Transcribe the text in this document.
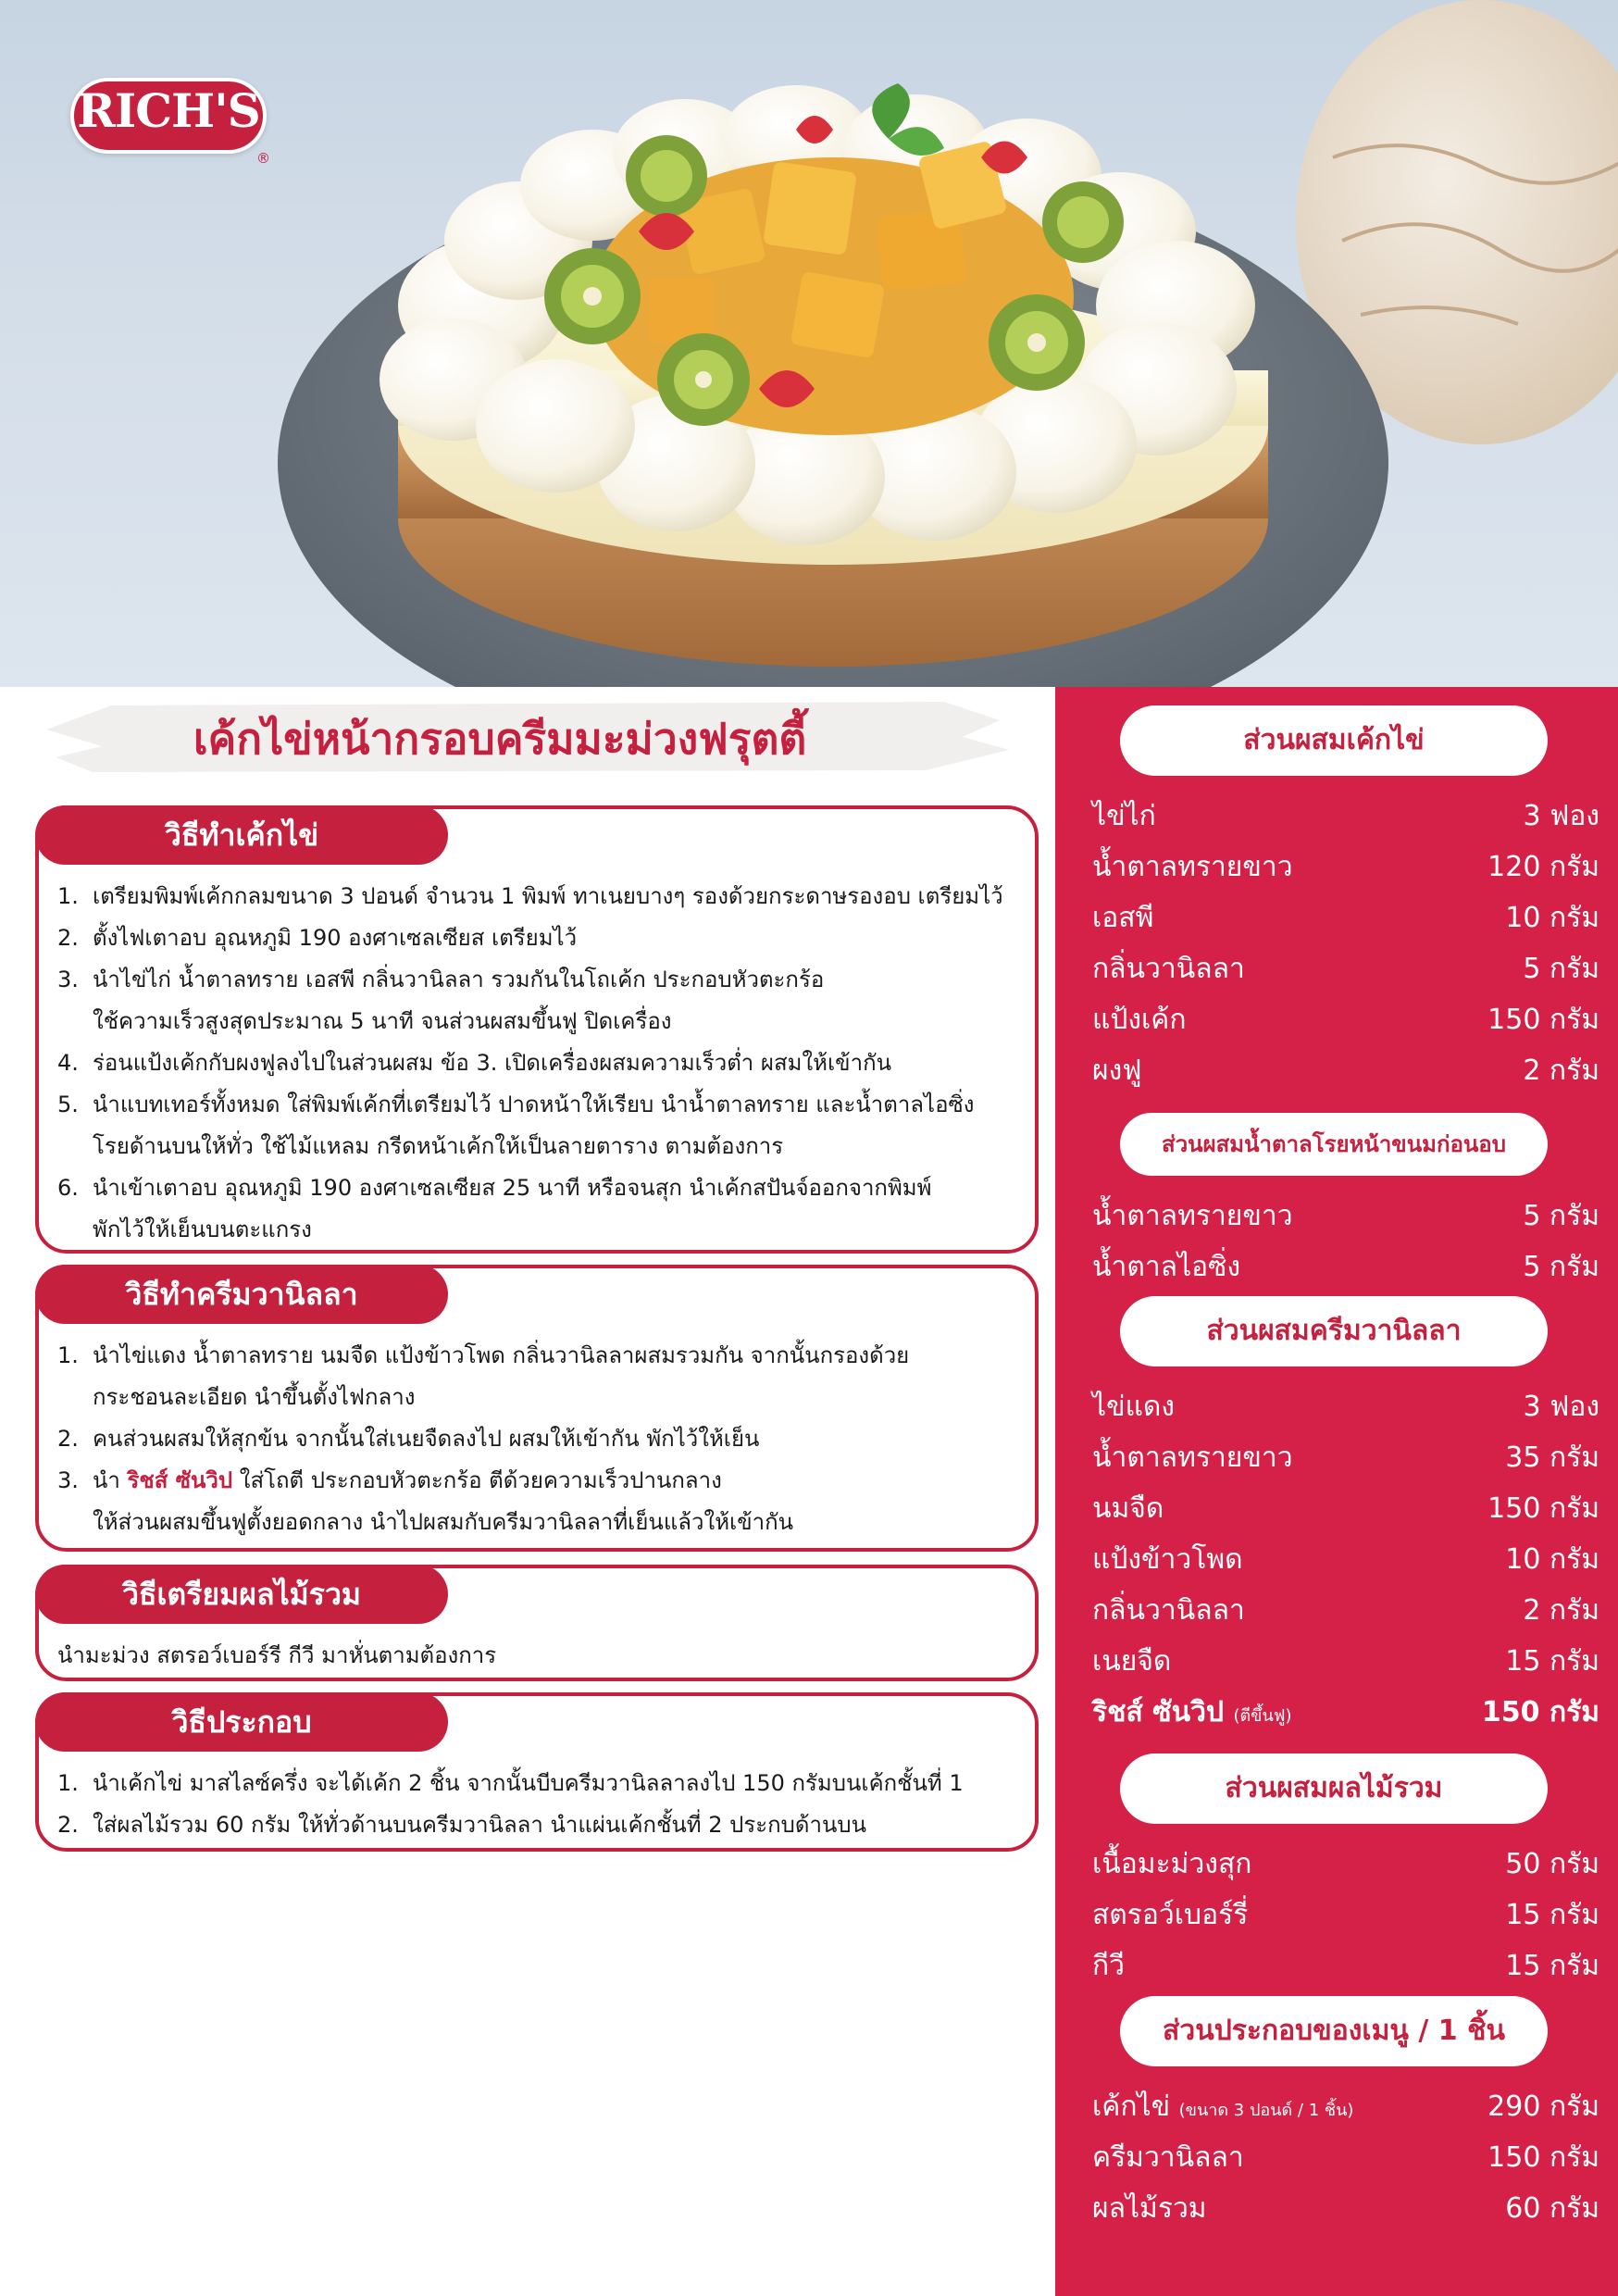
RICH'S
®
เค้กไข่หน้ากรอบครีมมะม่วงฟรุตตี้
วิธีทำเค้กไข่
1. เตรียมพิมพ์เค้กกลมขนาด 3 ปอนด์ จำนวน 1 พิมพ์ ทาเนยบางๆ รองด้วยกระดาษรองอบ เตรียมไว้
2. ตั้งไฟเตาอบ อุณหภูมิ 190 องศาเซลเซียส เตรียมไว้
3. นำไข่ไก่ น้ำตาลทราย เอสพี กลิ่นวานิลลา รวมกันในโถเค้ก ประกอบหัวตะกร้อ
ใช้ความเร็วสูงสุดประมาณ 5 นาที จนส่วนผสมขึ้นฟู ปิดเครื่อง
4. ร่อนแป้งเค้กกับผงฟูลงไปในส่วนผสม ข้อ 3. เปิดเครื่องผสมความเร็วต่ำ ผสมให้เข้ากัน
5. นำแบทเทอร์ทั้งหมด ใส่พิมพ์เค้กที่เตรียมไว้ ปาดหน้าให้เรียบ นำน้ำตาลทราย และน้ำตาลไอซิ่ง
โรยด้านบนให้ทั่ว ใช้ไม้แหลม กรีดหน้าเค้กให้เป็นลายตาราง ตามต้องการ
6. นำเข้าเตาอบ อุณหภูมิ 190 องศาเซลเซียส 25 นาที หรือจนสุก นำเค้กสปันจ์ออกจากพิมพ์
พักไว้ให้เย็นบนตะแกรง
วิธีทำครีมวานิลลา
1. นำไข่แดง น้ำตาลทราย นมจืด แป้งข้าวโพด กลิ่นวานิลลาผสมรวมกัน จากนั้นกรองด้วย
กระชอนละเอียด นำขึ้นตั้งไฟกลาง
2. คนส่วนผสมให้สุกข้น จากนั้นใส่เนยจืดลงไป ผสมให้เข้ากัน พักไว้ให้เย็น
3. นำ ริชส์ ซันวิป ใส่โถตี ประกอบหัวตะกร้อ ตีด้วยความเร็วปานกลาง
ให้ส่วนผสมขึ้นฟูตั้งยอดกลาง นำไปผสมกับครีมวานิลลาที่เย็นแล้วให้เข้ากัน
วิธีเตรียมผลไม้รวม
นำมะม่วง สตรอว์เบอร์รี กีวี มาหั่นตามต้องการ
วิธีประกอบ
1. นำเค้กไข่ มาสไลซ์ครึ่ง จะได้เค้ก 2 ชิ้น จากนั้นบีบครีมวานิลลาลงไป 150 กรัมบนเค้กชั้นที่ 1
2. ใส่ผลไม้รวม 60 กรัม ให้ทั่วด้านบนครีมวานิลลา นำแผ่นเค้กชั้นที่ 2 ประกบด้านบน
ส่วนผสมเค้กไข่
ไข่ไก่	3 ฟอง
น้ำตาลทรายขาว	120 กรัม
เอสพี	10 กรัม
กลิ่นวานิลลา	5 กรัม
แป้งเค้ก	150 กรัม
ผงฟู	2 กรัม
ส่วนผสมน้ำตาลโรยหน้าขนมก่อนอบ
น้ำตาลทรายขาว	5 กรัม
น้ำตาลไอซิ่ง	5 กรัม
ส่วนผสมครีมวานิลลา
ไข่แดง	3 ฟอง
น้ำตาลทรายขาว	35 กรัม
นมจืด	150 กรัม
แป้งข้าวโพด	10 กรัม
กลิ่นวานิลลา	2 กรัม
เนยจืด	15 กรัม
ริชส์ ซันวิป (ตีขึ้นฟู)	150 กรัม
ส่วนผสมผลไม้รวม
เนื้อมะม่วงสุก	50 กรัม
สตรอว์เบอร์รี่	15 กรัม
กีวี	15 กรัม
ส่วนประกอบของเมนู / 1 ชิ้น
เค้กไข่ (ขนาด 3 ปอนด์ / 1 ชิ้น)	290 กรัม
ครีมวานิลลา	150 กรัม
ผลไม้รวม	60 กรัม
